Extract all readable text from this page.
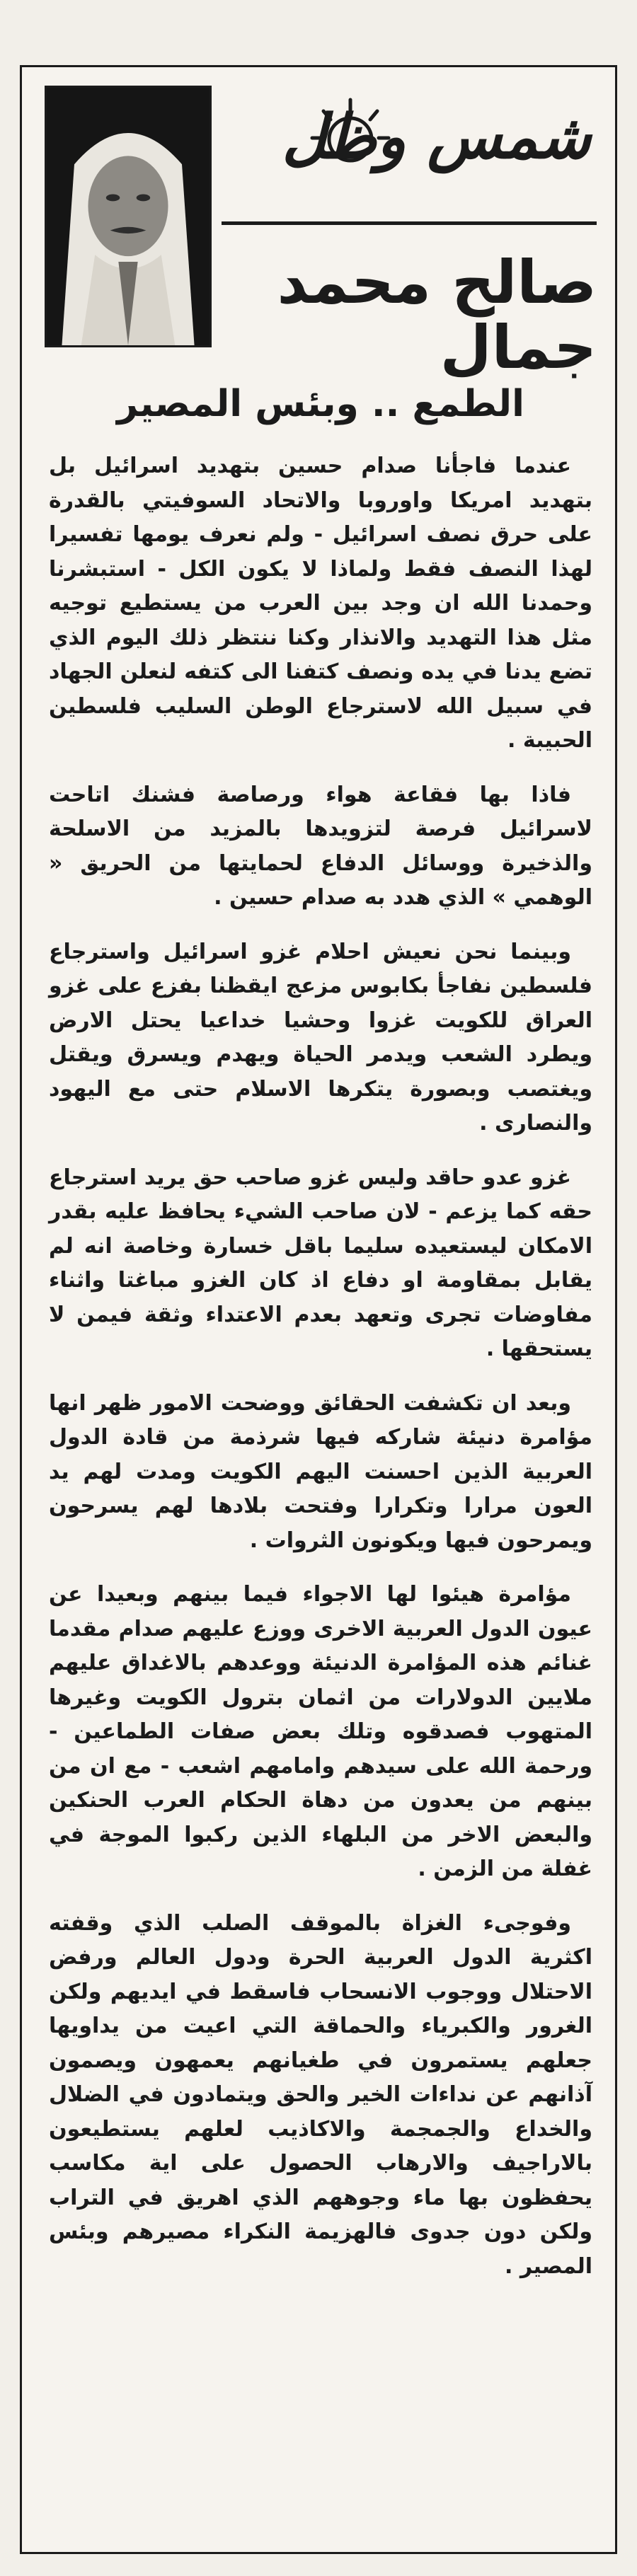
شمس وظل
صالح محمد جمال
الطمع .. وبئس المصير

عندما فاجأنا صدام حسين بتهديد اسرائيل بل بتهديد امريكا واوروبا والاتحاد السوفيتي بالقدرة على حرق نصف اسرائيل - ولم نعرف يومها تفسيرا لهذا النصف فقط ولماذا لا يكون الكل - استبشرنا وحمدنا الله ان وجد بين العرب من يستطيع توجيه مثل هذا التهديد والانذار وكنا ننتظر ذلك اليوم الذي تضع يدنا في يده ونصف كتفنا الى كتفه لنعلن الجهاد في سبيل الله لاسترجاع الوطن السليب فلسطين الحبيبة .

فاذا بها فقاعة هواء ورصاصة فشنك اتاحت لاسرائيل فرصة لتزويدها بالمزيد من الاسلحة والذخيرة ووسائل الدفاع لحمايتها من الحريق « الوهمي » الذي هدد به صدام حسين .

وبينما نحن نعيش احلام غزو اسرائيل واسترجاع فلسطين نفاجأ بكابوس مزعج ايقظنا بفزع على غزو العراق للكويت غزوا وحشيا خداعيا يحتل الارض ويطرد الشعب ويدمر الحياة ويهدم ويسرق ويقتل ويغتصب وبصورة يتكرها الاسلام حتى مع اليهود والنصارى .

غزو عدو حاقد وليس غزو صاحب حق يريد استرجاع حقه كما يزعم - لان صاحب الشيء يحافظ عليه بقدر الامكان ليستعيده سليما باقل خسارة وخاصة انه لم يقابل بمقاومة او دفاع اذ كان الغزو مباغتا واثناء مفاوضات تجرى وتعهد بعدم الاعتداء وثقة فيمن لا يستحقها .

وبعد ان تكشفت الحقائق ووضحت الامور ظهر انها مؤامرة دنيئة شاركه فيها شرذمة من قادة الدول العربية الذين احسنت اليهم الكويت ومدت لهم يد العون مرارا وتكرارا وفتحت بلادها لهم يسرحون ويمرحون فيها ويكونون الثروات .

مؤامرة هيئوا لها الاجواء فيما بينهم وبعيدا عن عيون الدول العربية الاخرى ووزع عليهم صدام مقدما غنائم هذه المؤامرة الدنيئة ووعدهم بالاغداق عليهم ملايين الدولارات من اثمان بترول الكويت وغيرها المتهوب فصدقوه وتلك بعض صفات الطماعين - ورحمة الله على سيدهم وامامهم اشعب - مع ان من بينهم من يعدون من دهاة الحكام العرب الحنكين والبعض الاخر من البلهاء الذين ركبوا الموجة في غفلة من الزمن .

وفوجىء الغزاة بالموقف الصلب الذي وقفته اكثرية الدول العربية الحرة ودول العالم ورفض الاحتلال ووجوب الانسحاب فاسقط في ايديهم ولكن الغرور والكبرياء والحماقة التي اعيت من يداويها جعلهم يستمرون في طغيانهم يعمهون ويصمون آذانهم عن نداءات الخير والحق ويتمادون في الضلال والخداع والجمجمة والاكاذيب لعلهم يستطيعون بالاراجيف والارهاب الحصول على اية مكاسب يحفظون بها ماء وجوههم الذي اهريق في التراب ولكن دون جدوى فالهزيمة النكراء مصيرهم وبئس المصير .
